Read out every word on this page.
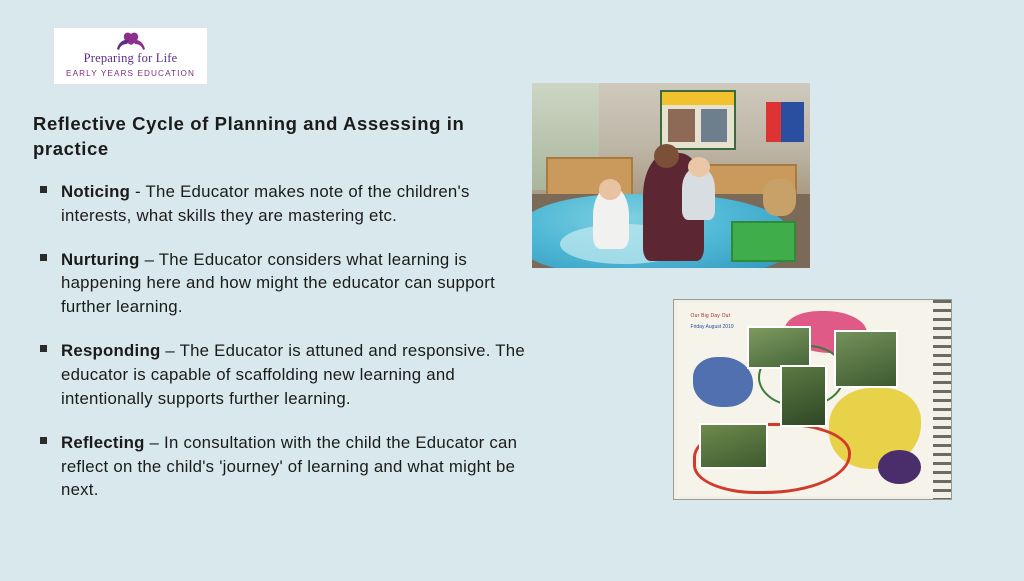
Preparing for Life
EARLY YEARS EDUCATION
Reflective Cycle of Planning and Assessing in practice
Noticing - The Educator makes note of the children's interests, what skills they are mastering etc.
Nurturing – The Educator considers what learning is happening here and how might the educator can support further learning.
Responding – The Educator is attuned and responsive. The educator is capable of scaffolding new learning and intentionally supports further learning.
Reflecting – In consultation with the child the Educator can reflect on the child's 'journey' of learning and what might be next.
Our Big Day Out
Friday August 2019
